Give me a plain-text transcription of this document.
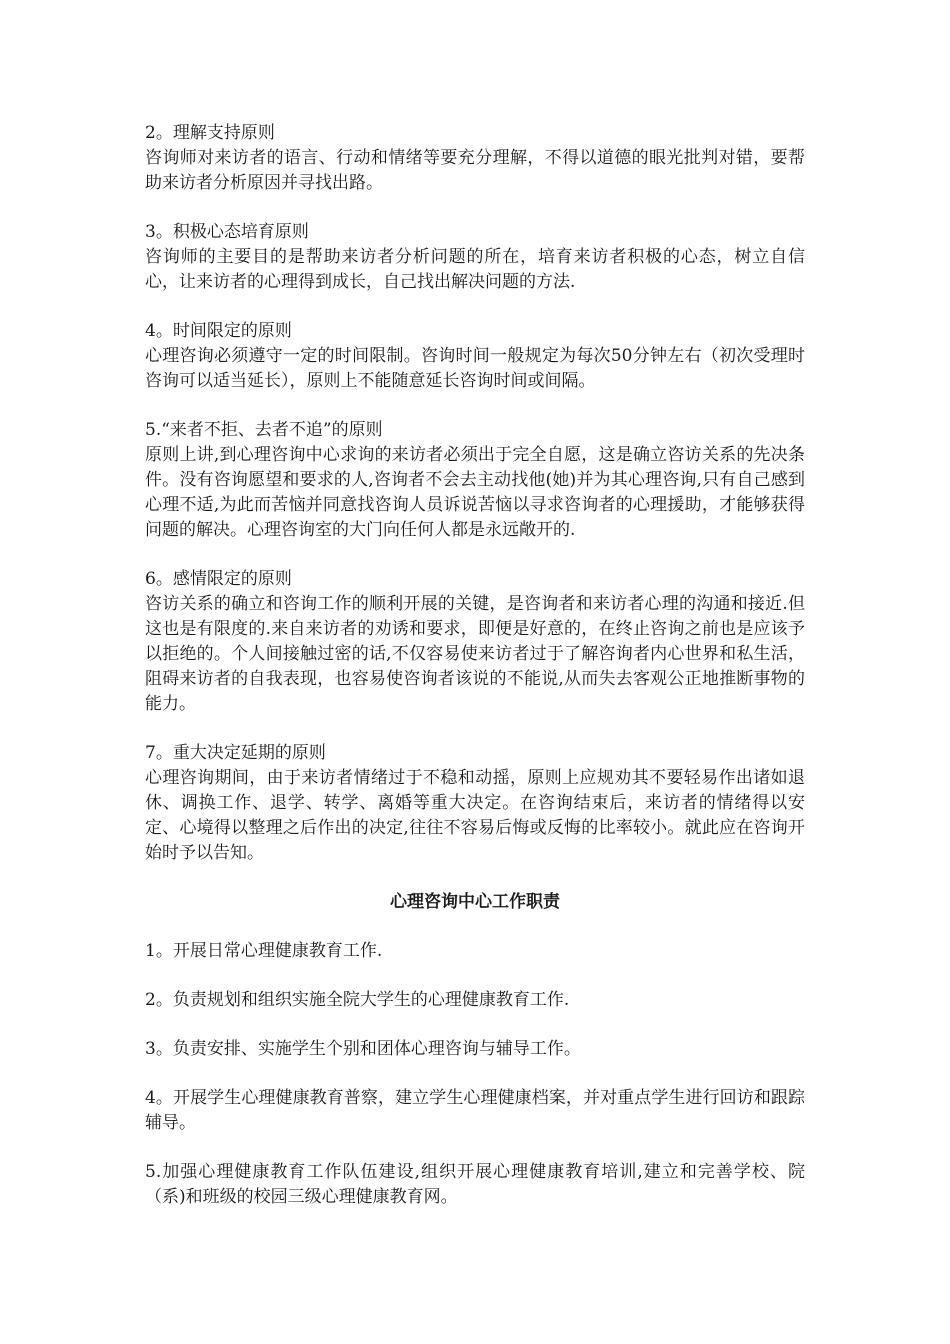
2。理解支持原则

咨询师对来访者的语言、行动和情绪等要充分理解，不得以道德的眼光批判对错，要帮助来访者分析原因并寻找出路。

3。积极心态培育原则

咨询师的主要目的是帮助来访者分析问题的所在，培育来访者积极的心态，树立自信心，让来访者的心理得到成长，自己找出解决问题的方法.

4。时间限定的原则

心理咨询必须遵守一定的时间限制。咨询时间一般规定为每次50分钟左右（初次受理时咨询可以适当延长），原则上不能随意延长咨询时间或间隔。

5.“来者不拒、去者不追”的原则

原则上讲,到心理咨询中心求询的来访者必须出于完全自愿，这是确立咨访关系的先决条件。没有咨询愿望和要求的人,咨询者不会去主动找他(她)并为其心理咨询,只有自己感到心理不适,为此而苦恼并同意找咨询人员诉说苦恼以寻求咨询者的心理援助，才能够获得问题的解决。心理咨询室的大门向任何人都是永远敞开的.

6。感情限定的原则

咨访关系的确立和咨询工作的顺利开展的关键，是咨询者和来访者心理的沟通和接近.但这也是有限度的.来自来访者的劝诱和要求，即便是好意的，在终止咨询之前也是应该予以拒绝的。个人间接触过密的话,不仅容易使来访者过于了解咨询者内心世界和私生活，阻碍来访者的自我表现，也容易使咨询者该说的不能说,从而失去客观公正地推断事物的能力。

7。重大决定延期的原则

心理咨询期间，由于来访者情绪过于不稳和动摇，原则上应规劝其不要轻易作出诸如退休、调换工作、退学、转学、离婚等重大决定。在咨询结束后，来访者的情绪得以安定、心境得以整理之后作出的决定,往往不容易后悔或反悔的比率较小。就此应在咨询开始时予以告知。

心理咨询中心工作职责

1。开展日常心理健康教育工作.

2。负责规划和组织实施全院大学生的心理健康教育工作.

3。负责安排、实施学生个别和团体心理咨询与辅导工作。

4。开展学生心理健康教育普察，建立学生心理健康档案，并对重点学生进行回访和跟踪辅导。

5.加强心理健康教育工作队伍建设,组织开展心理健康教育培训,建立和完善学校、院（系)和班级的校园三级心理健康教育网。
